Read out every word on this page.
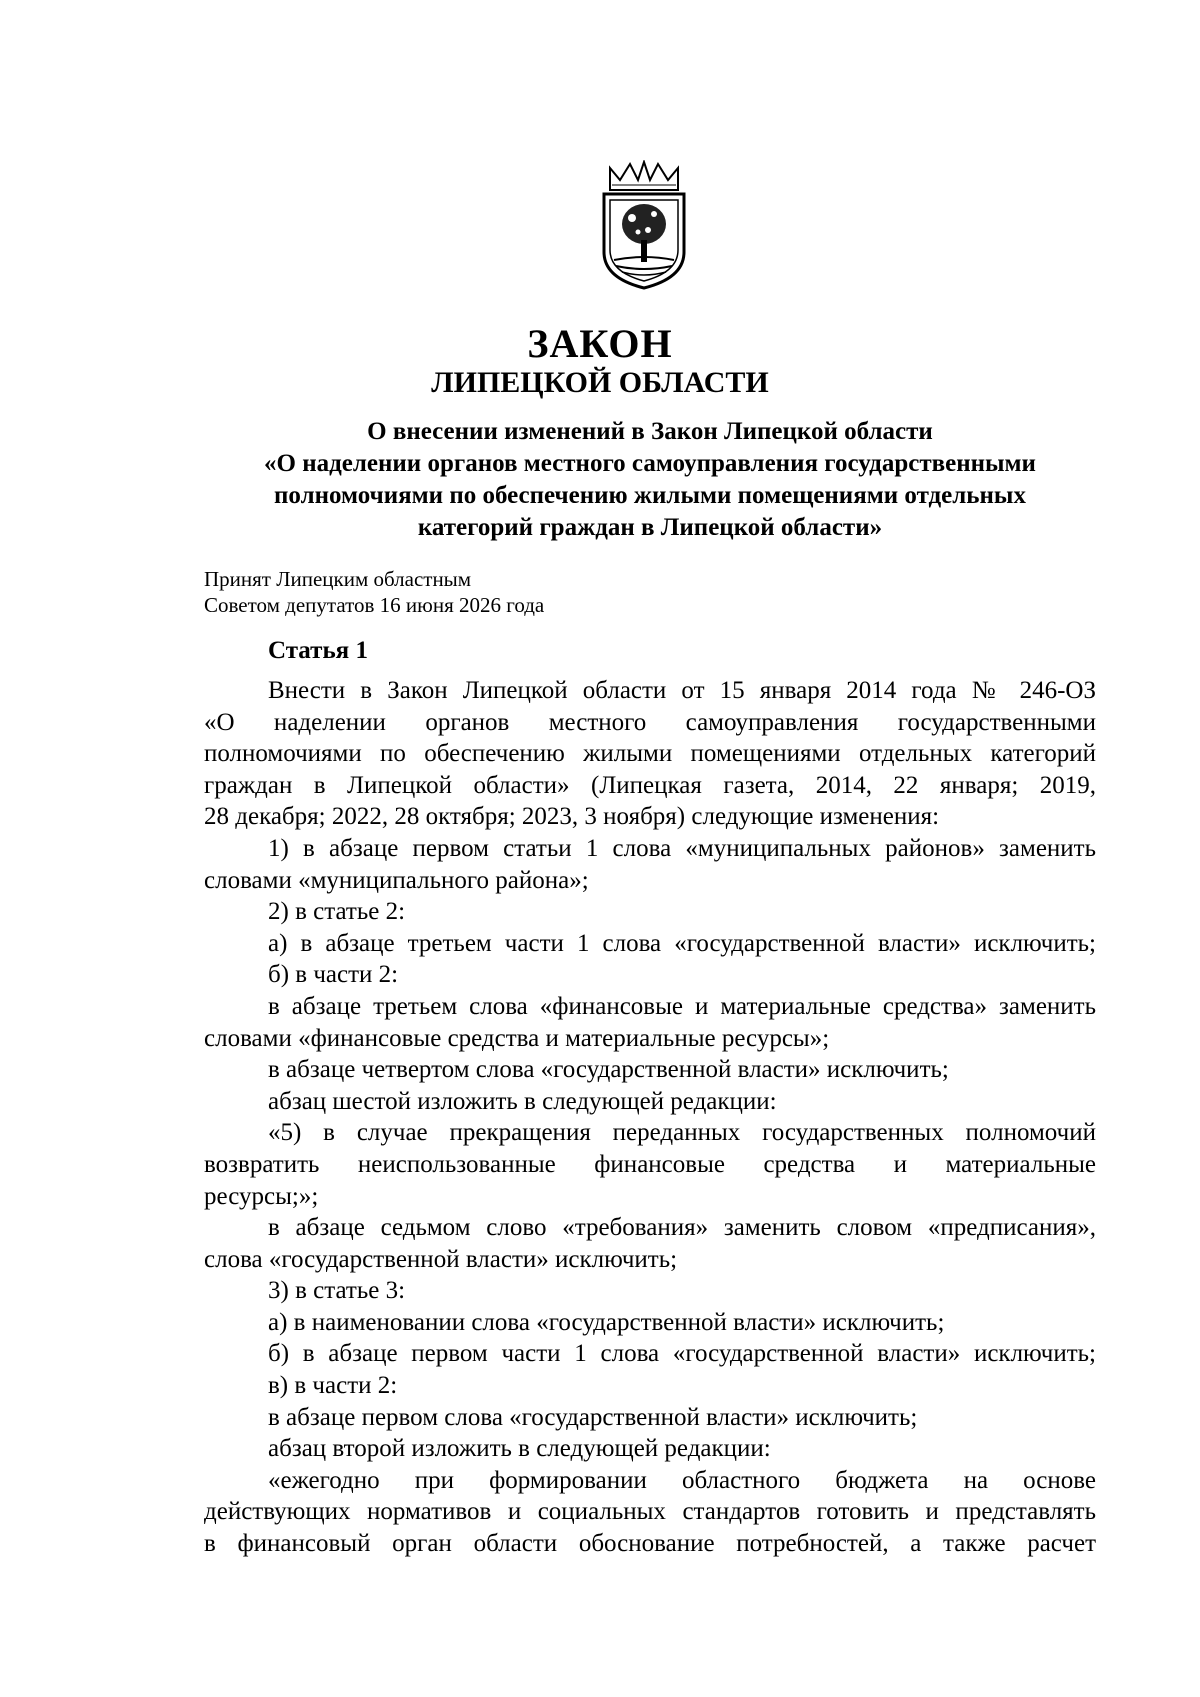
ЗАКОН
ЛИПЕЦКОЙ ОБЛАСТИ
О внесении изменений в Закон Липецкой области
«О наделении органов местного самоуправления государственными
полномочиями по обеспечению жилыми помещениями отдельных
категорий граждан в Липецкой области»
Принят Липецким областным
Советом депутатов 16 июня 2026 года
Статья 1
Внести в Закон Липецкой области от 15 января 2014 года № 246-ОЗ
«О наделении органов местного самоуправления государственными
полномочиями по обеспечению жилыми помещениями отдельных категорий
граждан в Липецкой области» (Липецкая газета, 2014, 22 января; 2019,
28 декабря; 2022, 28 октября; 2023, 3 ноября) следующие изменения:
1) в абзаце первом статьи 1 слова «муниципальных районов» заменить
словами «муниципального района»;
2) в статье 2:
а) в абзаце третьем части 1 слова «государственной власти» исключить;
б) в части 2:
в абзаце третьем слова «финансовые и материальные средства» заменить
словами «финансовые средства и материальные ресурсы»;
в абзаце четвертом слова «государственной власти» исключить;
абзац шестой изложить в следующей редакции:
«5) в случае прекращения переданных государственных полномочий
возвратить неиспользованные финансовые средства и материальные
ресурсы;»;
в абзаце седьмом слово «требования» заменить словом «предписания»,
слова «государственной власти» исключить;
3) в статье 3:
а) в наименовании слова «государственной власти» исключить;
б) в абзаце первом части 1 слова «государственной власти» исключить;
в) в части 2:
в абзаце первом слова «государственной власти» исключить;
абзац второй изложить в следующей редакции:
«ежегодно при формировании областного бюджета на основе
действующих нормативов и социальных стандартов готовить и представлять
в финансовый орган области обоснование потребностей, а также расчет
